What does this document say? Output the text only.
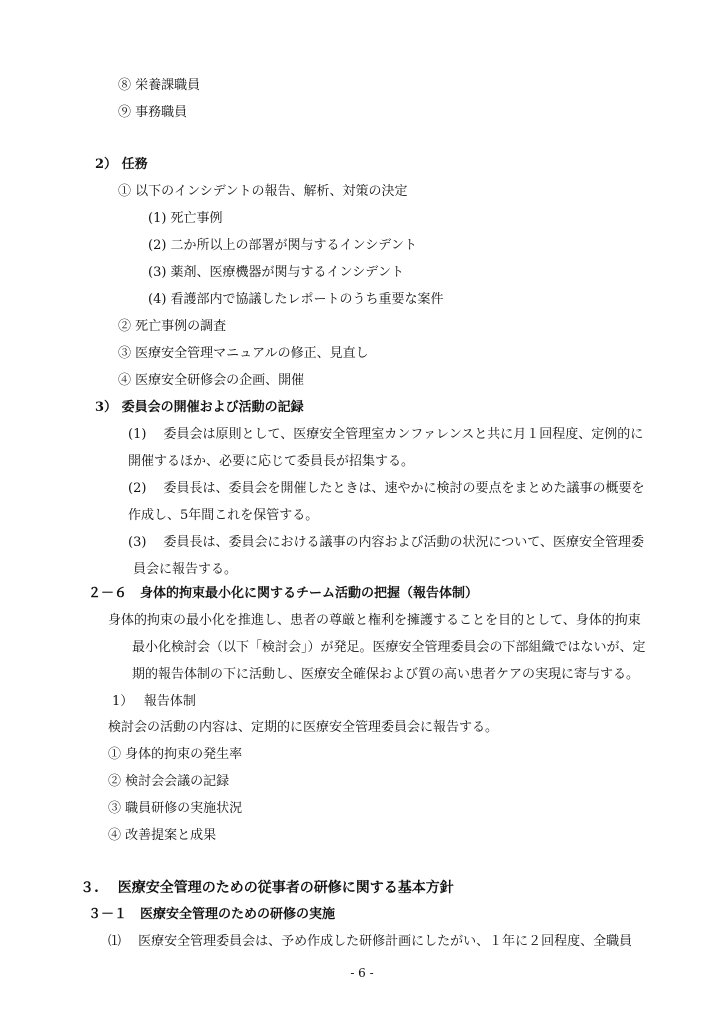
⑧ 栄養課職員
⑨ 事務職員
2） 任務
① 以下のインシデントの報告、解析、対策の決定
(1) 死亡事例
(2) 二か所以上の部署が関与するインシデント
(3) 薬剤、医療機器が関与するインシデント
(4) 看護部内で協議したレポートのうち重要な案件
② 死亡事例の調査
③ 医療安全管理マニュアルの修正、見直し
④ 医療安全研修会の企画、開催
3） 委員会の開催および活動の記録
(1)　 委員会は原則として、医療安全管理室カンファレンスと共に月１回程度、定例的に
開催するほか、必要に応じて委員長が招集する。
(2)　 委員長は、委員会を開催したときは、速やかに検討の要点をまとめた議事の概要を
作成し、5年間これを保管する。
(3)　 委員長は、委員会における議事の内容および活動の状況について、医療安全管理委
員会に報告する。
２－６　身体的拘束最小化に関するチーム活動の把握（報告体制）
身体的拘束の最小化を推進し、患者の尊厳と権利を擁護することを目的として、身体的拘束
最小化検討会（以下「検討会」）が発足。医療安全管理委員会の下部組織ではないが、定
期的報告体制の下に活動し、医療安全確保および質の高い患者ケアの実現に寄与する。
1）　 報告体制
検討会の活動の内容は、定期的に医療安全管理委員会に報告する。
① 身体的拘束の発生率
② 検討会会議の記録
③ 職員研修の実施状況
④ 改善提案と成果
３.　 医療安全管理のための従事者の研修に関する基本方針
３－１　医療安全管理のための研修の実施
⑴　 医療安全管理委員会は、予め作成した研修計画にしたがい、１年に２回程度、全職員
- 6 -
